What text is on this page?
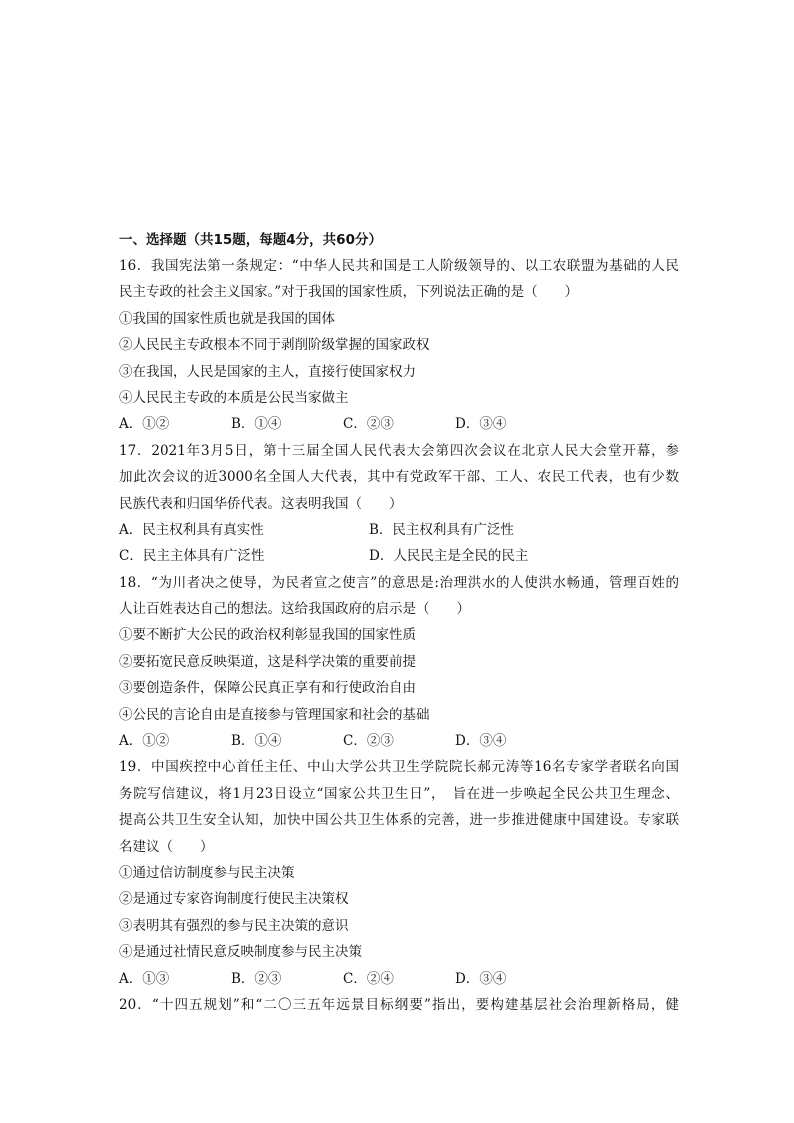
一、选择题（共15题，每题4分，共60分）
16．我国宪法第一条规定：“中华人民共和国是工人阶级领导的、以工农联盟为基础的人民
民主专政的社会主义国家。”对于我国的国家性质，下列说法正确的是（　　）
①我国的国家性质也就是我国的国体
②人民民主专政根本不同于剥削阶级掌握的国家政权
③在我国，人民是国家的主人，直接行使国家权力
④人民民主专政的本质是公民当家做主
A．①②	B．①④	C．②③	D．③④
17．2021年3月5日，第十三届全国人民代表大会第四次会议在北京人民大会堂开幕，参
加此次会议的近3000名全国人大代表，其中有党政军干部、工人、农民工代表，也有少数
民族代表和归国华侨代表。这表明我国（　　）
A．民主权利具有真实性	B．民主权利具有广泛性
C．民主主体具有广泛性	D．人民民主是全民的民主
18．“为川者决之使导，为民者宣之使言”的意思是:治理洪水的人使洪水畅通，管理百姓的
人让百姓表达自己的想法。这给我国政府的启示是（　　）
①要不断扩大公民的政治权利彰显我国的国家性质
②要拓宽民意反映渠道，这是科学决策的重要前提
③要创造条件，保障公民真正享有和行使政治自由
④公民的言论自由是直接参与管理国家和社会的基础
A．①②	B．①④	C．②③	D．③④
19．中国疾控中心首任主任、中山大学公共卫生学院院长郝元涛等16名专家学者联名向国
务院写信建议，将1月23日设立“国家公共卫生日”，　旨在进一步唤起全民公共卫生理念、
提高公共卫生安全认知，加快中国公共卫生体系的完善，进一步推进健康中国建设。专家联
名建议（　　）
①通过信访制度参与民主决策
②是通过专家咨询制度行使民主决策权
③表明其有强烈的参与民主决策的意识
④是通过社情民意反映制度参与民主决策
A．①③	B．②③	C．②④	D．③④
20．“十四五规划”和“二〇三五年远景目标纲要”指出，要构建基层社会治理新格局，健
